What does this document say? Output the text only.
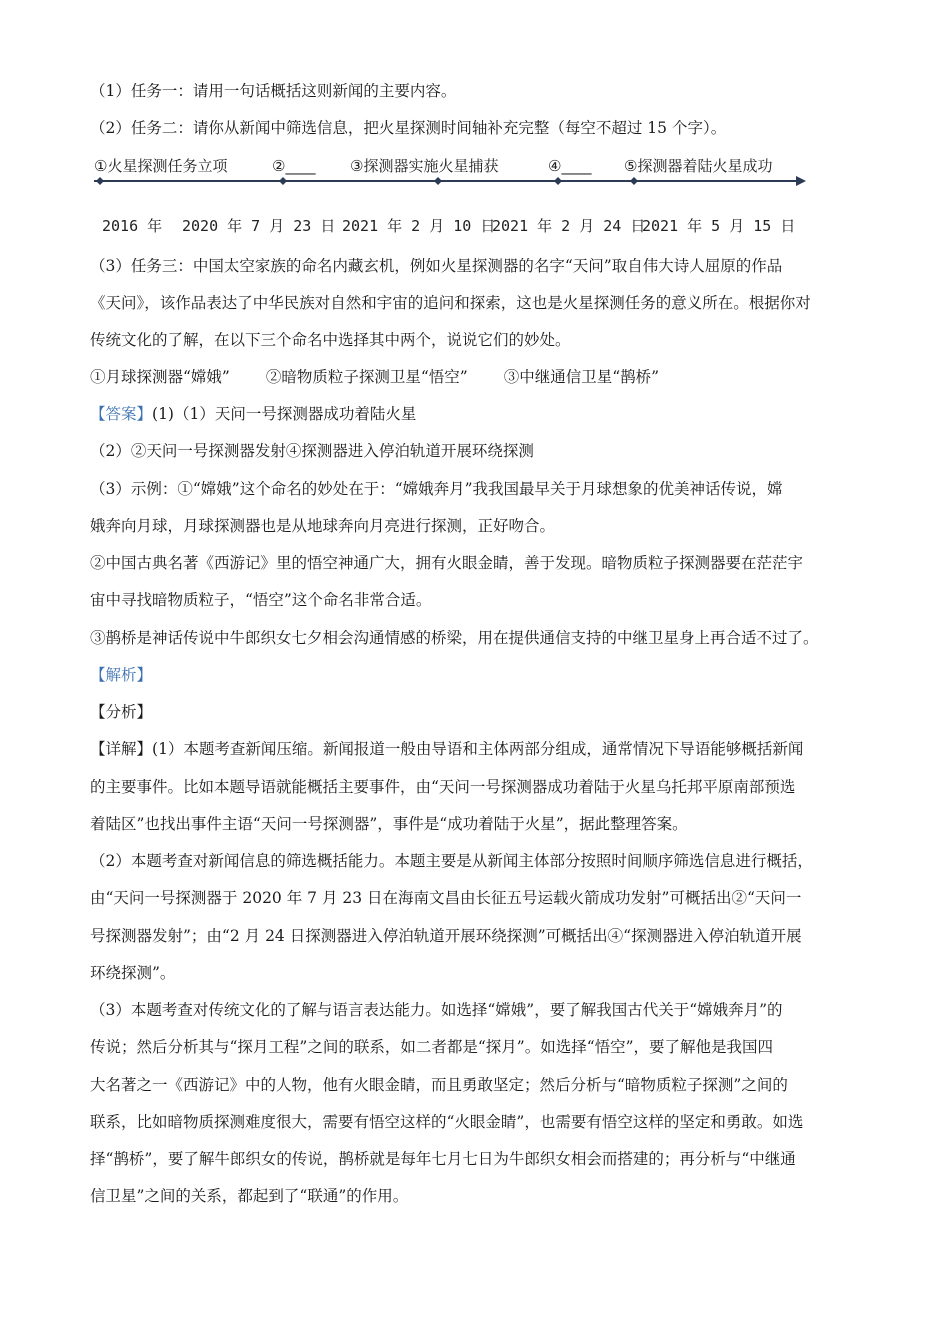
（1）任务一：请用一句话概括这则新闻的主要内容。
（2）任务二：请你从新闻中筛选信息，把火星探测时间轴补充完整（每空不超过 15 个字）。
①火星探测任务立项	②____ ③探测器实施火星捕获	④____ ⑤探测器着陆火星成功
2016 年 2020 年 7 月 23 日 2021 年 2 月 10 日
2021 年 2 月 24 日
2021 年 5 月 15 日
（3）任务三：中国太空家族的命名内藏玄机，例如火星探测器的名字“天问”取自伟大诗人屈原的作品
《天问》，该作品表达了中华民族对自然和宇宙的追问和探索，这也是火星探测任务的意义所在。根据你对
传统文化的了解，在以下三个命名中选择其中两个，说说它们的妙处。
①月球探测器“嫦娥” ②暗物质粒子探测卫星“悟空” ③中继通信卫星“鹊桥”
【答案】(1)（1）天问一号探测器成功着陆火星
（2）②天问一号探测器发射④探测器进入停泊轨道开展环绕探测
（3）示例：①“嫦娥”这个命名的妙处在于：“嫦娥奔月”我我国最早关于月球想象的优美神话传说，嫦
娥奔向月球，月球探测器也是从地球奔向月亮进行探测，正好吻合。
②中国古典名著《西游记》里的悟空神通广大，拥有火眼金睛，善于发现。暗物质粒子探测器要在茫茫宇
宙中寻找暗物质粒子，“悟空”这个命名非常合适。
③鹊桥是神话传说中牛郎织女七夕相会沟通情感的桥梁，用在提供通信支持的中继卫星身上再合适不过了。
【解析】
【分析】
【详解】(1）本题考查新闻压缩。新闻报道一般由导语和主体两部分组成，通常情况下导语能够概括新闻
的主要事件。比如本题导语就能概括主要事件，由“天问一号探测器成功着陆于火星乌托邦平原南部预选
着陆区”也找出事件主语“天问一号探测器”，事件是“成功着陆于火星”，据此整理答案。
（2）本题考查对新闻信息的筛选概括能力。本题主要是从新闻主体部分按照时间顺序筛选信息进行概括，
由“天问一号探测器于 2020 年 7 月 23 日在海南文昌由长征五号运载火箭成功发射”可概括出②“天问一
号探测器发射”；由“2 月 24 日探测器进入停泊轨道开展环绕探测”可概括出④“探测器进入停泊轨道开展
环绕探测”。
（3）本题考查对传统文化的了解与语言表达能力。如选择“嫦娥”，要了解我国古代关于“嫦娥奔月”的
传说；然后分析其与“探月工程”之间的联系，如二者都是“探月”。如选择“悟空”，要了解他是我国四
大名著之一《西游记》中的人物，他有火眼金睛，而且勇敢坚定；然后分析与“暗物质粒子探测”之间的
联系，比如暗物质探测难度很大，需要有悟空这样的“火眼金睛”，也需要有悟空这样的坚定和勇敢。如选
择“鹊桥”，要了解牛郎织女的传说，鹊桥就是每年七月七日为牛郎织女相会而搭建的；再分析与“中继通
信卫星”之间的关系，都起到了“联通”的作用。
